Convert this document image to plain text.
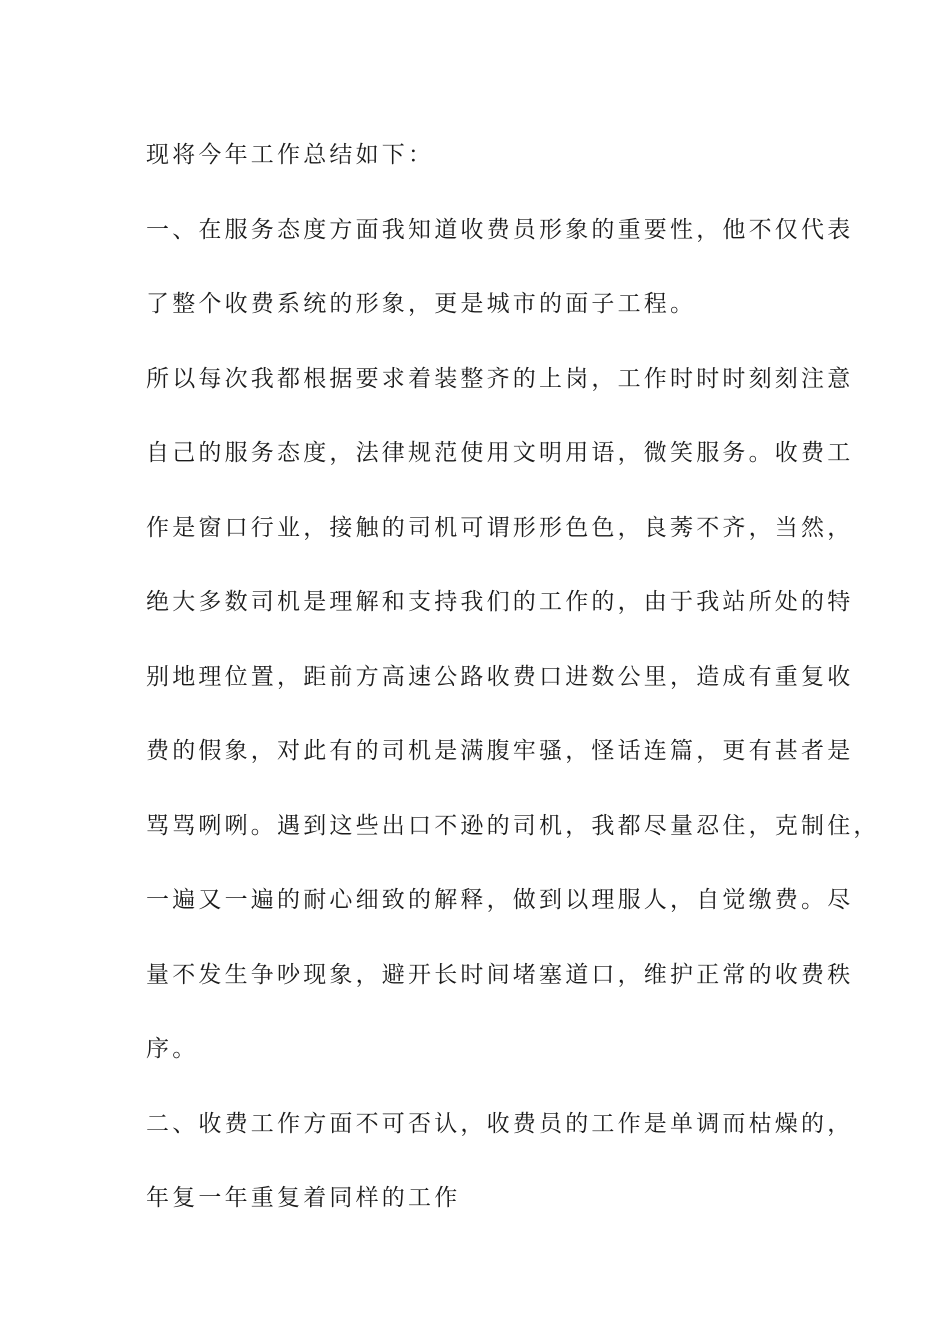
现将今年工作总结如下：
一、在服务态度方面我知道收费员形象的重要性，他不仅代表
了整个收费系统的形象，更是城市的面子工程。
所以每次我都根据要求着装整齐的上岗，工作时时时刻刻注意
自己的服务态度，法律规范使用文明用语，微笑服务。收费工
作是窗口行业，接触的司机可谓形形色色，良莠不齐，当然，
绝大多数司机是理解和支持我们的工作的，由于我站所处的特
别地理位置，距前方高速公路收费口进数公里，造成有重复收
费的假象，对此有的司机是满腹牢骚，怪话连篇，更有甚者是
骂骂咧咧。遇到这些出口不逊的司机，我都尽量忍住，克制住，
一遍又一遍的耐心细致的解释，做到以理服人，自觉缴费。尽
量不发生争吵现象，避开长时间堵塞道口，维护正常的收费秩
序。
二、收费工作方面不可否认，收费员的工作是单调而枯燥的，
年复一年重复着同样的工作
